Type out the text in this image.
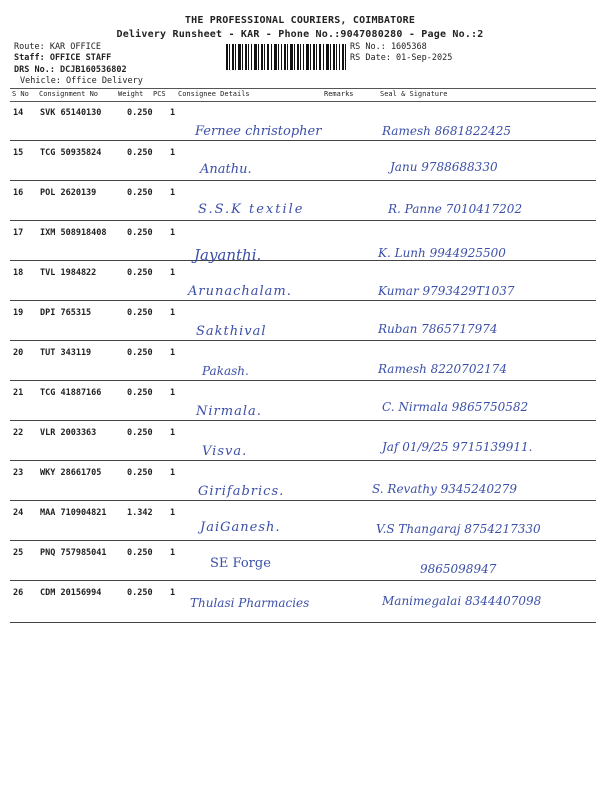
THE PROFESSIONAL COURIERS, COIMBATORE
Delivery Runsheet - KAR - Phone No.:9047080280 - Page No.:2
Route: KAR OFFICE
Staff: OFFICE STAFF
DRS No.: DCJB160536802
Vehicle: Office Delivery
RS No.: 1605368
RS Date: 01-Sep-2025
S No Consignment No	Weight PCS Consignee Details	Remarks	Seal & Signature
14 SVK 65140130	0.250 1
Fernee christopher	Ramesh 8681822425
15 TCG 50935824	0.250 1
Anathu.	Janu 9788688330
16 POL 2620139	0.250 1
S.S.K textile	R. Panne 7010417202
17 IXM 508918408 0.250 1
Jayanthi.	K. Lunh 9944925500
18 TVL 1984822	0.250 1
Arunachalam.	Kumar 9793429T1037
19 DPI 765315	0.250 1
Sakthival	Ruban 7865717974
20 TUT 343119	0.250 1
Pakash.	Ramesh 8220702174
21 TCG 41887166	0.250 1
Nirmala.	C. Nirmala 9865750582
22 VLR 2003363	0.250 1
Visva.	Jaf 01/9/25 9715139911.
23 WKY 28661705	0.250 1
Girifabrics.	S. Revathy 9345240279
24 MAA 710904821 1.342 1
JaiGanesh.	V.S Thangaraj 8754217330
25 PNQ 757985041 0.250 1
SE Forge	9865098947
26 CDM 20156994	0.250 1
Thulasi Pharmacies	Manimegalai 8344407098
